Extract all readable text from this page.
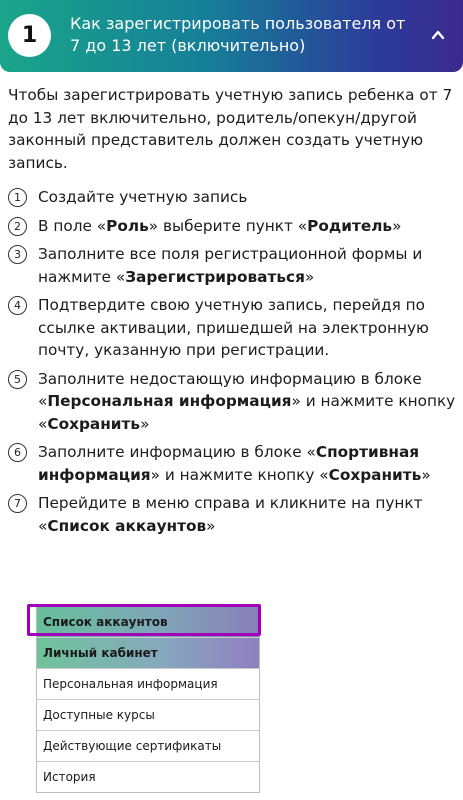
1	Как зарегистрировать пользователя от 7 до 13 лет (включительно)
Чтобы зарегистрировать учетную запись ребенка от 7 до 13 лет включительно, родитель/опекун/другой законный представитель должен создать учетную запись.
1	Создайте учетную запись
2	В поле «Роль» выберите пункт «Родитель»
3	Заполните все поля регистрационной формы и нажмите «Зарегистрироваться»
4	Подтвердите свою учетную запись, перейдя по ссылке активации, пришедшей на электронную почту, указанную при регистрации.
5	Заполните недостающую информацию в блоке «Персональная информация» и нажмите кнопку «Сохранить»
6	Заполните информацию в блоке «Спортивная информация» и нажмите кнопку «Сохранить»
7	Перейдите в меню справа и кликните на пункт «Список аккаунтов»
Список аккаунтов
Личный кабинет
Персональная информация
Доступные курсы
Действующие сертификаты
История
